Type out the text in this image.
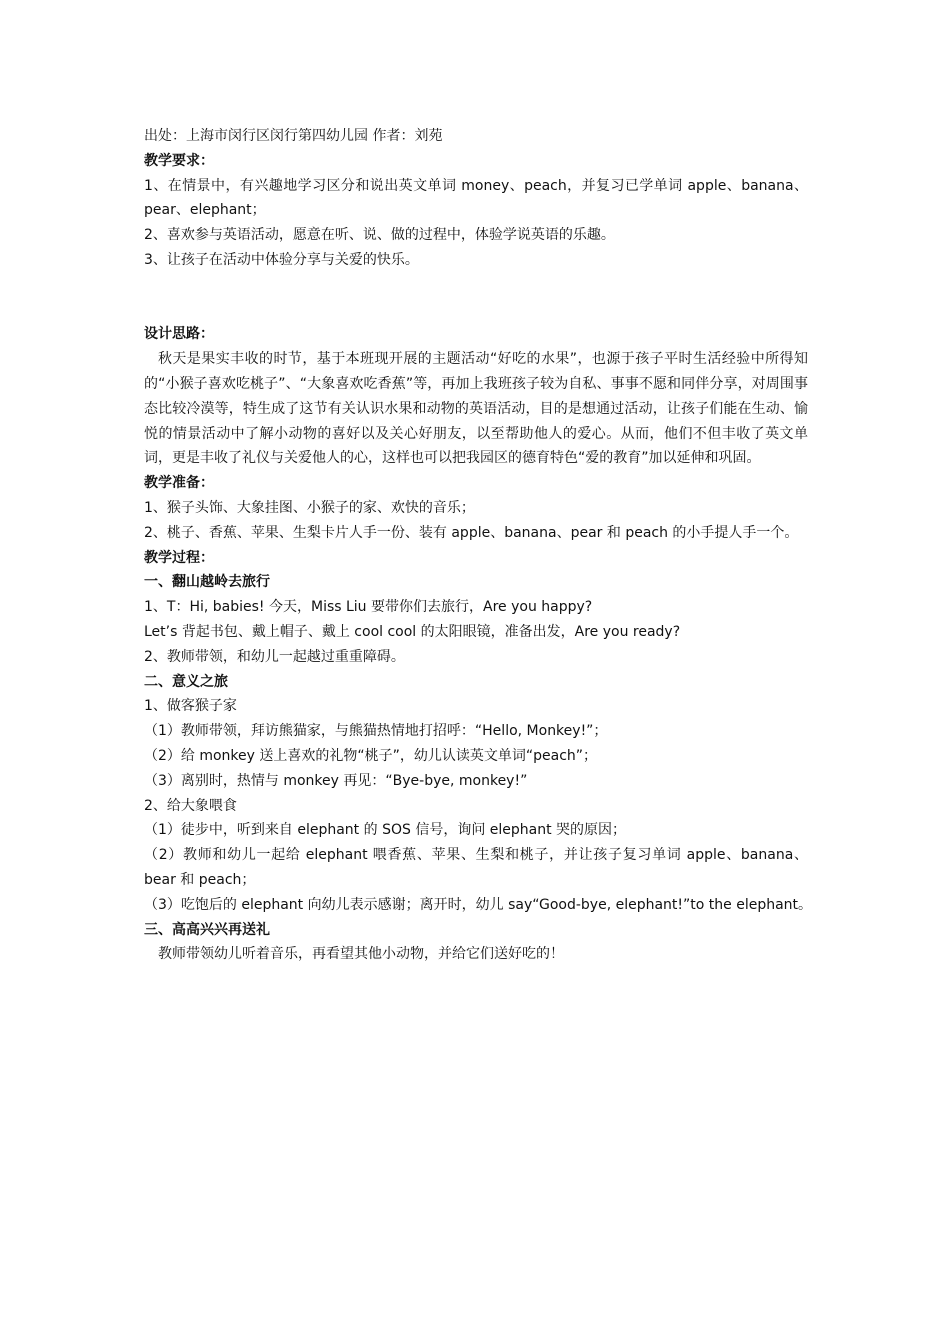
出处：上海市闵行区闵行第四幼儿园 作者：刘苑
教学要求：
1、在情景中，有兴趣地学习区分和说出英文单词 money、peach，并复习已学单词 apple、banana、pear、elephant；
2、喜欢参与英语活动，愿意在听、说、做的过程中，体验学说英语的乐趣。
3、让孩子在活动中体验分享与关爱的快乐。
设计思路：
秋天是果实丰收的时节，基于本班现开展的主题活动“好吃的水果”，也源于孩子平时生活经验中所得知的“小猴子喜欢吃桃子”、“大象喜欢吃香蕉”等，再加上我班孩子较为自私、事事不愿和同伴分享，对周围事态比较冷漠等，特生成了这节有关认识水果和动物的英语活动，目的是想通过活动，让孩子们能在生动、愉悦的情景活动中了解小动物的喜好以及关心好朋友，以至帮助他人的爱心。从而，他们不但丰收了英文单词，更是丰收了礼仪与关爱他人的心，这样也可以把我园区的德育特色“爱的教育”加以延伸和巩固。
教学准备：
1、猴子头饰、大象挂图、小猴子的家、欢快的音乐；
2、桃子、香蕉、苹果、生梨卡片人手一份、装有 apple、banana、pear 和 peach 的小手提人手一个。
教学过程：
一、翻山越岭去旅行
1、T：Hi, babies! 今天，Miss Liu 要带你们去旅行，Are you happy?
Let’s 背起书包、戴上帽子、戴上 cool cool 的太阳眼镜，准备出发，Are you ready?
2、教师带领，和幼儿一起越过重重障碍。
二、意义之旅
1、做客猴子家
（1）教师带领，拜访熊猫家，与熊猫热情地打招呼：“Hello, Monkey!”；
（2）给 monkey 送上喜欢的礼物“桃子”，幼儿认读英文单词“peach”；
（3）离别时，热情与 monkey 再见：“Bye-bye, monkey!”
2、给大象喂食
（1）徒步中，听到来自 elephant 的 SOS 信号，询问 elephant 哭的原因；
（2）教师和幼儿一起给 elephant 喂香蕉、苹果、生梨和桃子，并让孩子复习单词 apple、banana、bear 和 peach；
（3）吃饱后的 elephant 向幼儿表示感谢；离开时，幼儿 say“Good-bye, elephant!”to the elephant。
三、高高兴兴再送礼
教师带领幼儿听着音乐，再看望其他小动物，并给它们送好吃的！
